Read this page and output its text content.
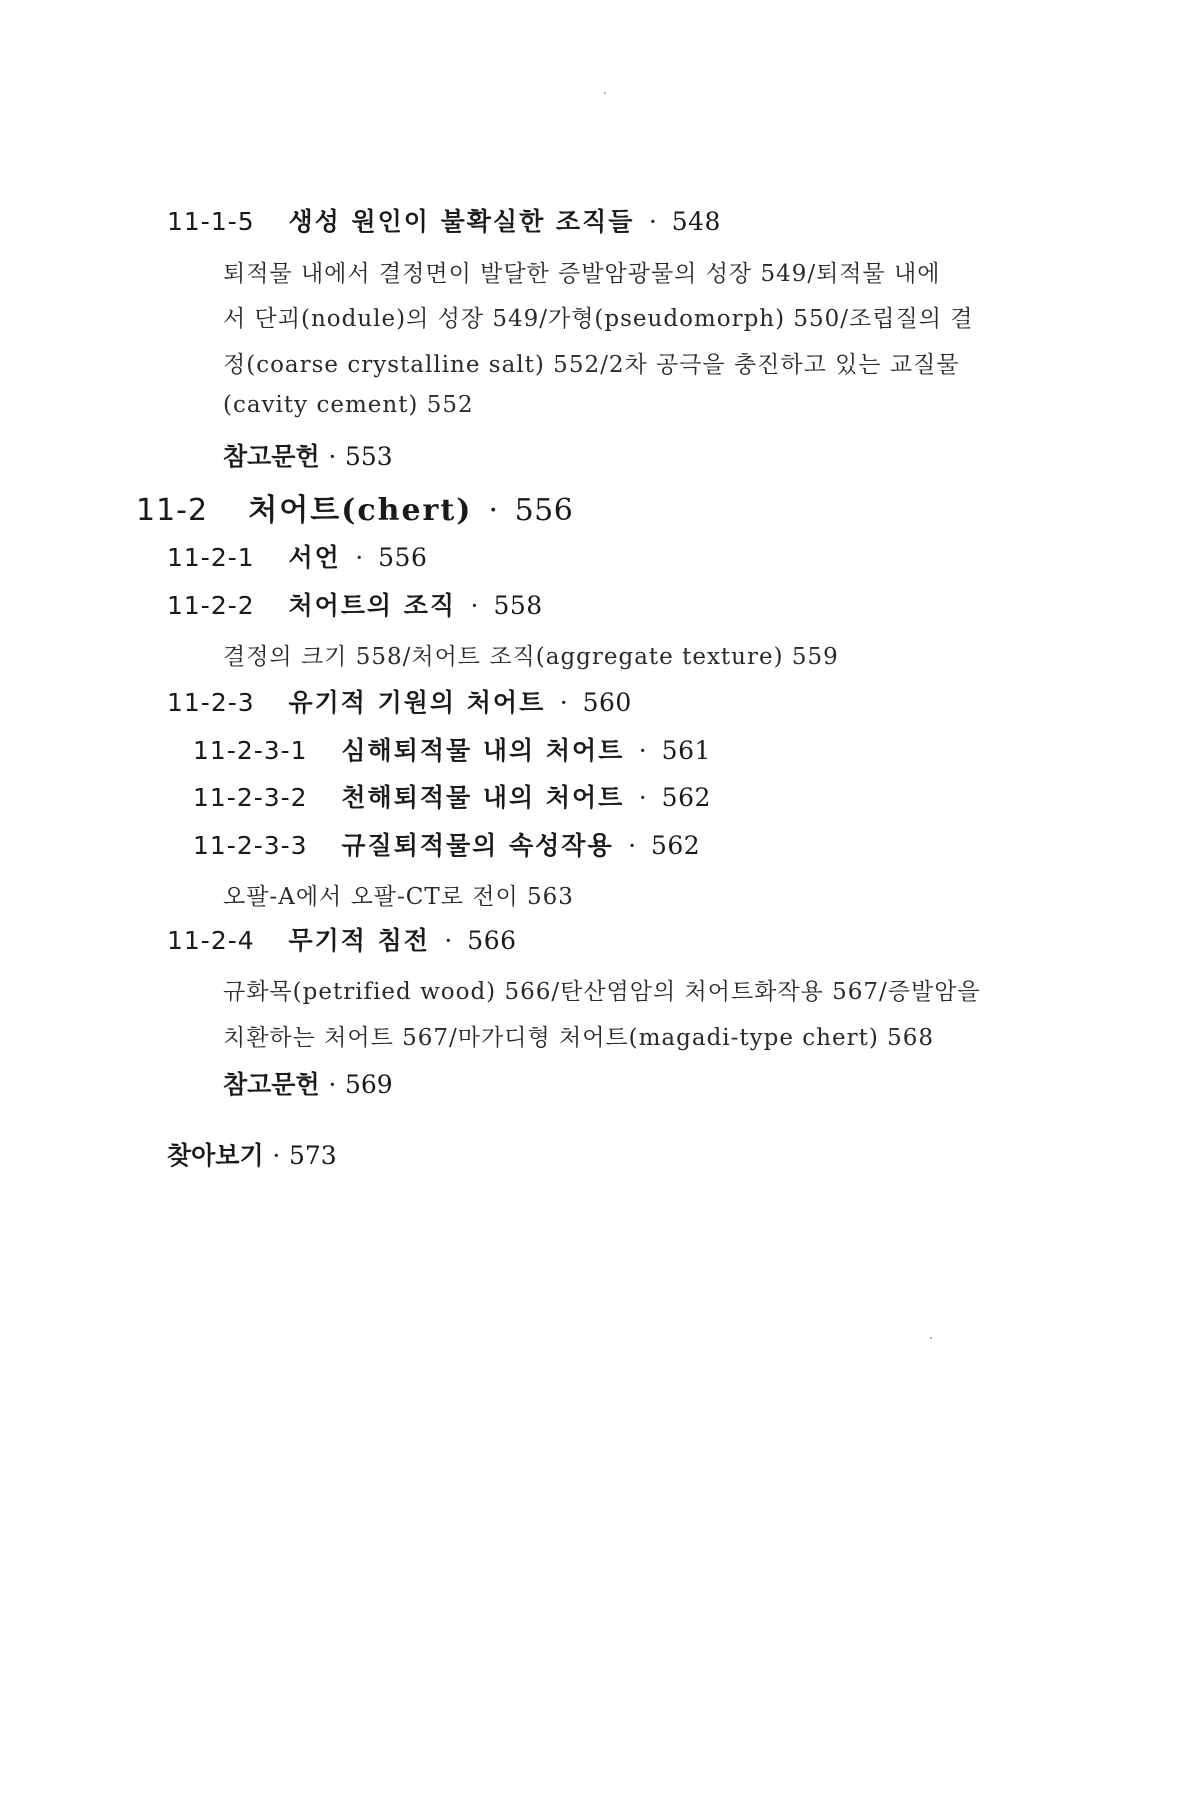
11-1-5 생성 원인이 불확실한 조직들 · 548
퇴적물 내에서 결정면이 발달한 증발암광물의 성장 549/퇴적물 내에
서 단괴(nodule)의 성장 549/가형(pseudomorph) 550/조립질의 결
정(coarse crystalline salt) 552/2차 공극을 충진하고 있는 교질물
(cavity cement) 552
참고문헌 · 553
11-2 처어트(chert) · 556
11-2-1 서언 · 556
11-2-2 처어트의 조직 · 558
결정의 크기 558/처어트 조직(aggregate texture) 559
11-2-3 유기적 기원의 처어트 · 560
11-2-3-1 심해퇴적물 내의 처어트 · 561
11-2-3-2 천해퇴적물 내의 처어트 · 562
11-2-3-3 규질퇴적물의 속성작용 · 562
오팔-A에서 오팔-CT로 전이 563
11-2-4 무기적 침전 · 566
규화목(petrified wood) 566/탄산염암의 처어트화작용 567/증발암을
치환하는 처어트 567/마가디형 처어트(magadi-type chert) 568
참고문헌 · 569
찾아보기 · 573
